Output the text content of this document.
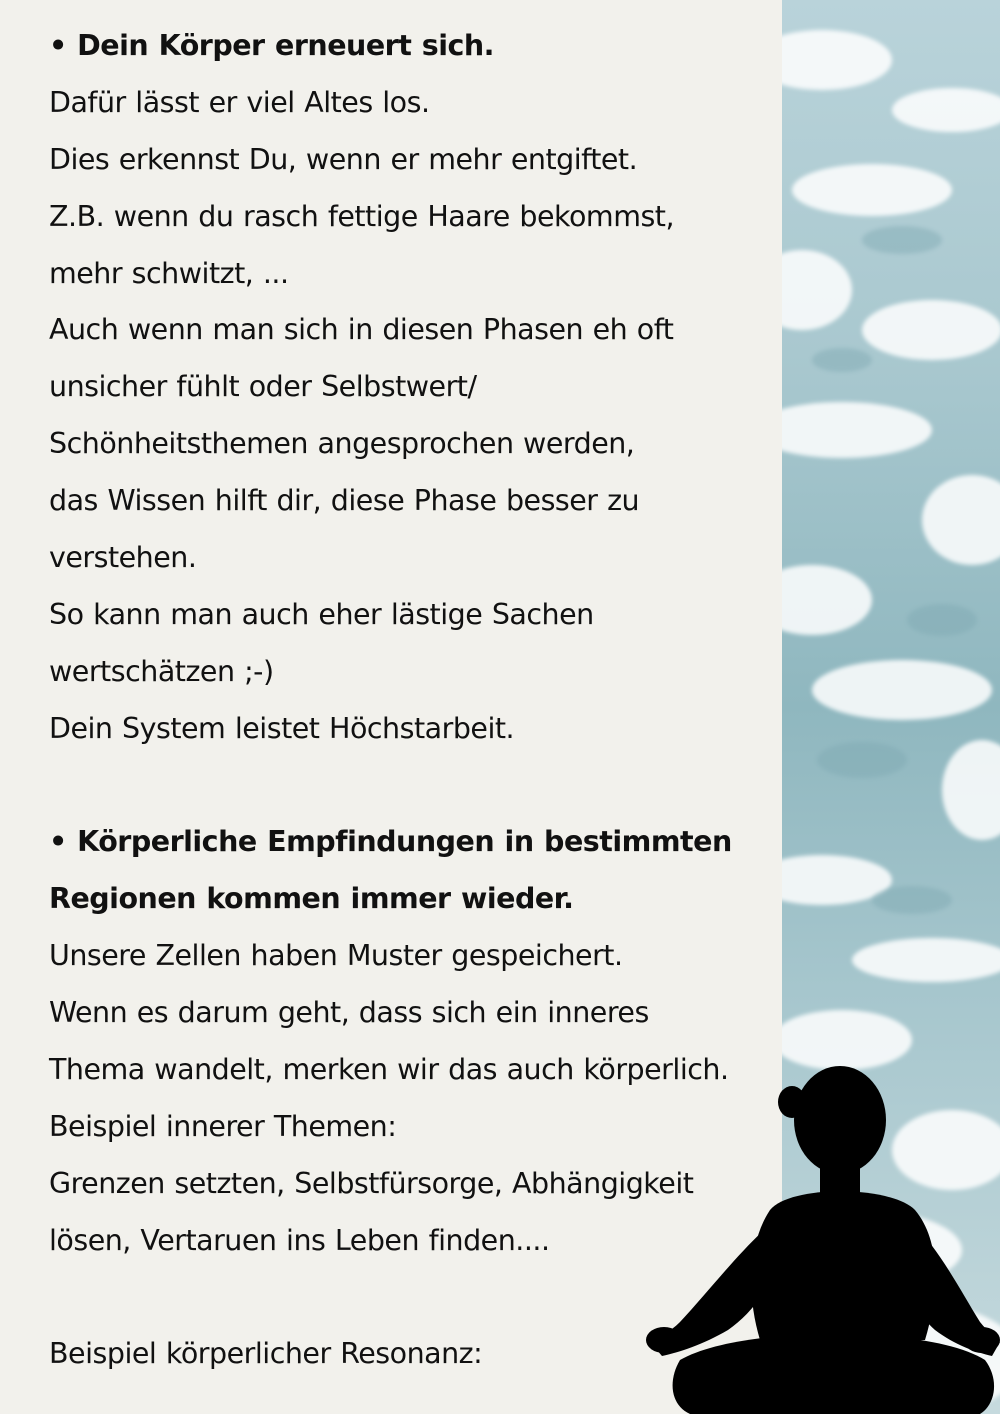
• Dein Körper erneuert sich.
Dafür lässt er viel Altes los.
Dies erkennst Du, wenn er mehr entgiftet.
Z.B. wenn du rasch fettige Haare bekommst,
mehr schwitzt, ...
Auch wenn man sich in diesen Phasen eh oft
unsicher fühlt oder Selbstwert/
Schönheitsthemen angesprochen werden,
das Wissen hilft dir, diese Phase besser zu
verstehen.
So kann man auch eher lästige Sachen
wertschätzen ;-)
Dein System leistet Höchstarbeit.
• Körperliche Empfindungen in bestimmten
Regionen kommen immer wieder.
Unsere Zellen haben Muster gespeichert.
Wenn es darum geht, dass sich ein inneres
Thema wandelt, merken wir das auch körperlich.
Beispiel innerer Themen:
Grenzen setzten, Selbstfürsorge, Abhängigkeit
lösen, Vertaruen ins Leben finden....
Beispiel körperlicher Resonanz:
